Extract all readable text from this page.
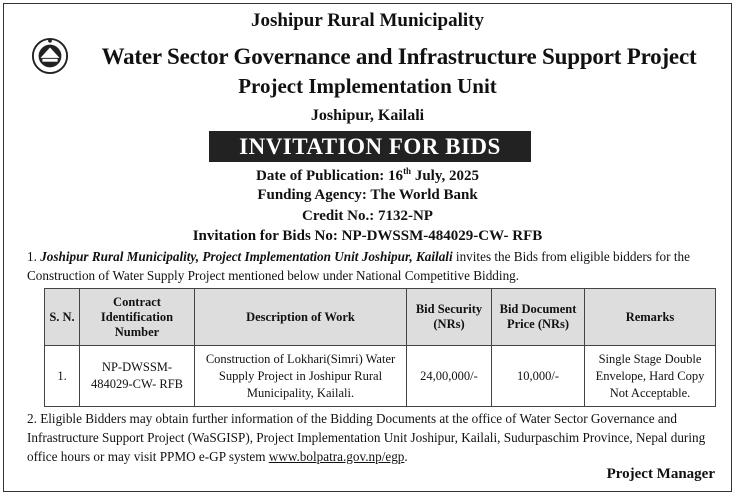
Joshipur Rural Municipality
Water Sector Governance and Infrastructure Support Project
Project Implementation Unit
Joshipur, Kailali
INVITATION FOR BIDS
Date of Publication: 16th July, 2025
Funding Agency: The World Bank
Credit No.: 7132-NP
Invitation for Bids No: NP-DWSSM-484029-CW- RFB
1. Joshipur Rural Municipality, Project Implementation Unit Joshipur, Kailali invites the Bids from eligible bidders for the Construction of Water Supply Project mentioned below under National Competitive Bidding.
S. N.	Contract Identification Number	Description of Work	Bid Security (NRs)	Bid Document Price (NRs)	Remarks
1.	NP-DWSSM-484029-CW- RFB	Construction of Lokhari(Simri) Water Supply Project in Joshipur Rural Municipality, Kailali.	24,00,000/-	10,000/-	Single Stage Double Envelope, Hard Copy Not Acceptable.
2. Eligible Bidders may obtain further information of the Bidding Documents at the office of Water Sector Governance and Infrastructure Support Project (WaSGISP), Project Implementation Unit Joshipur, Kailali, Sudurpaschim Province, Nepal during office hours or may visit PPMO e-GP system www.bolpatra.gov.np/egp.
Project Manager
